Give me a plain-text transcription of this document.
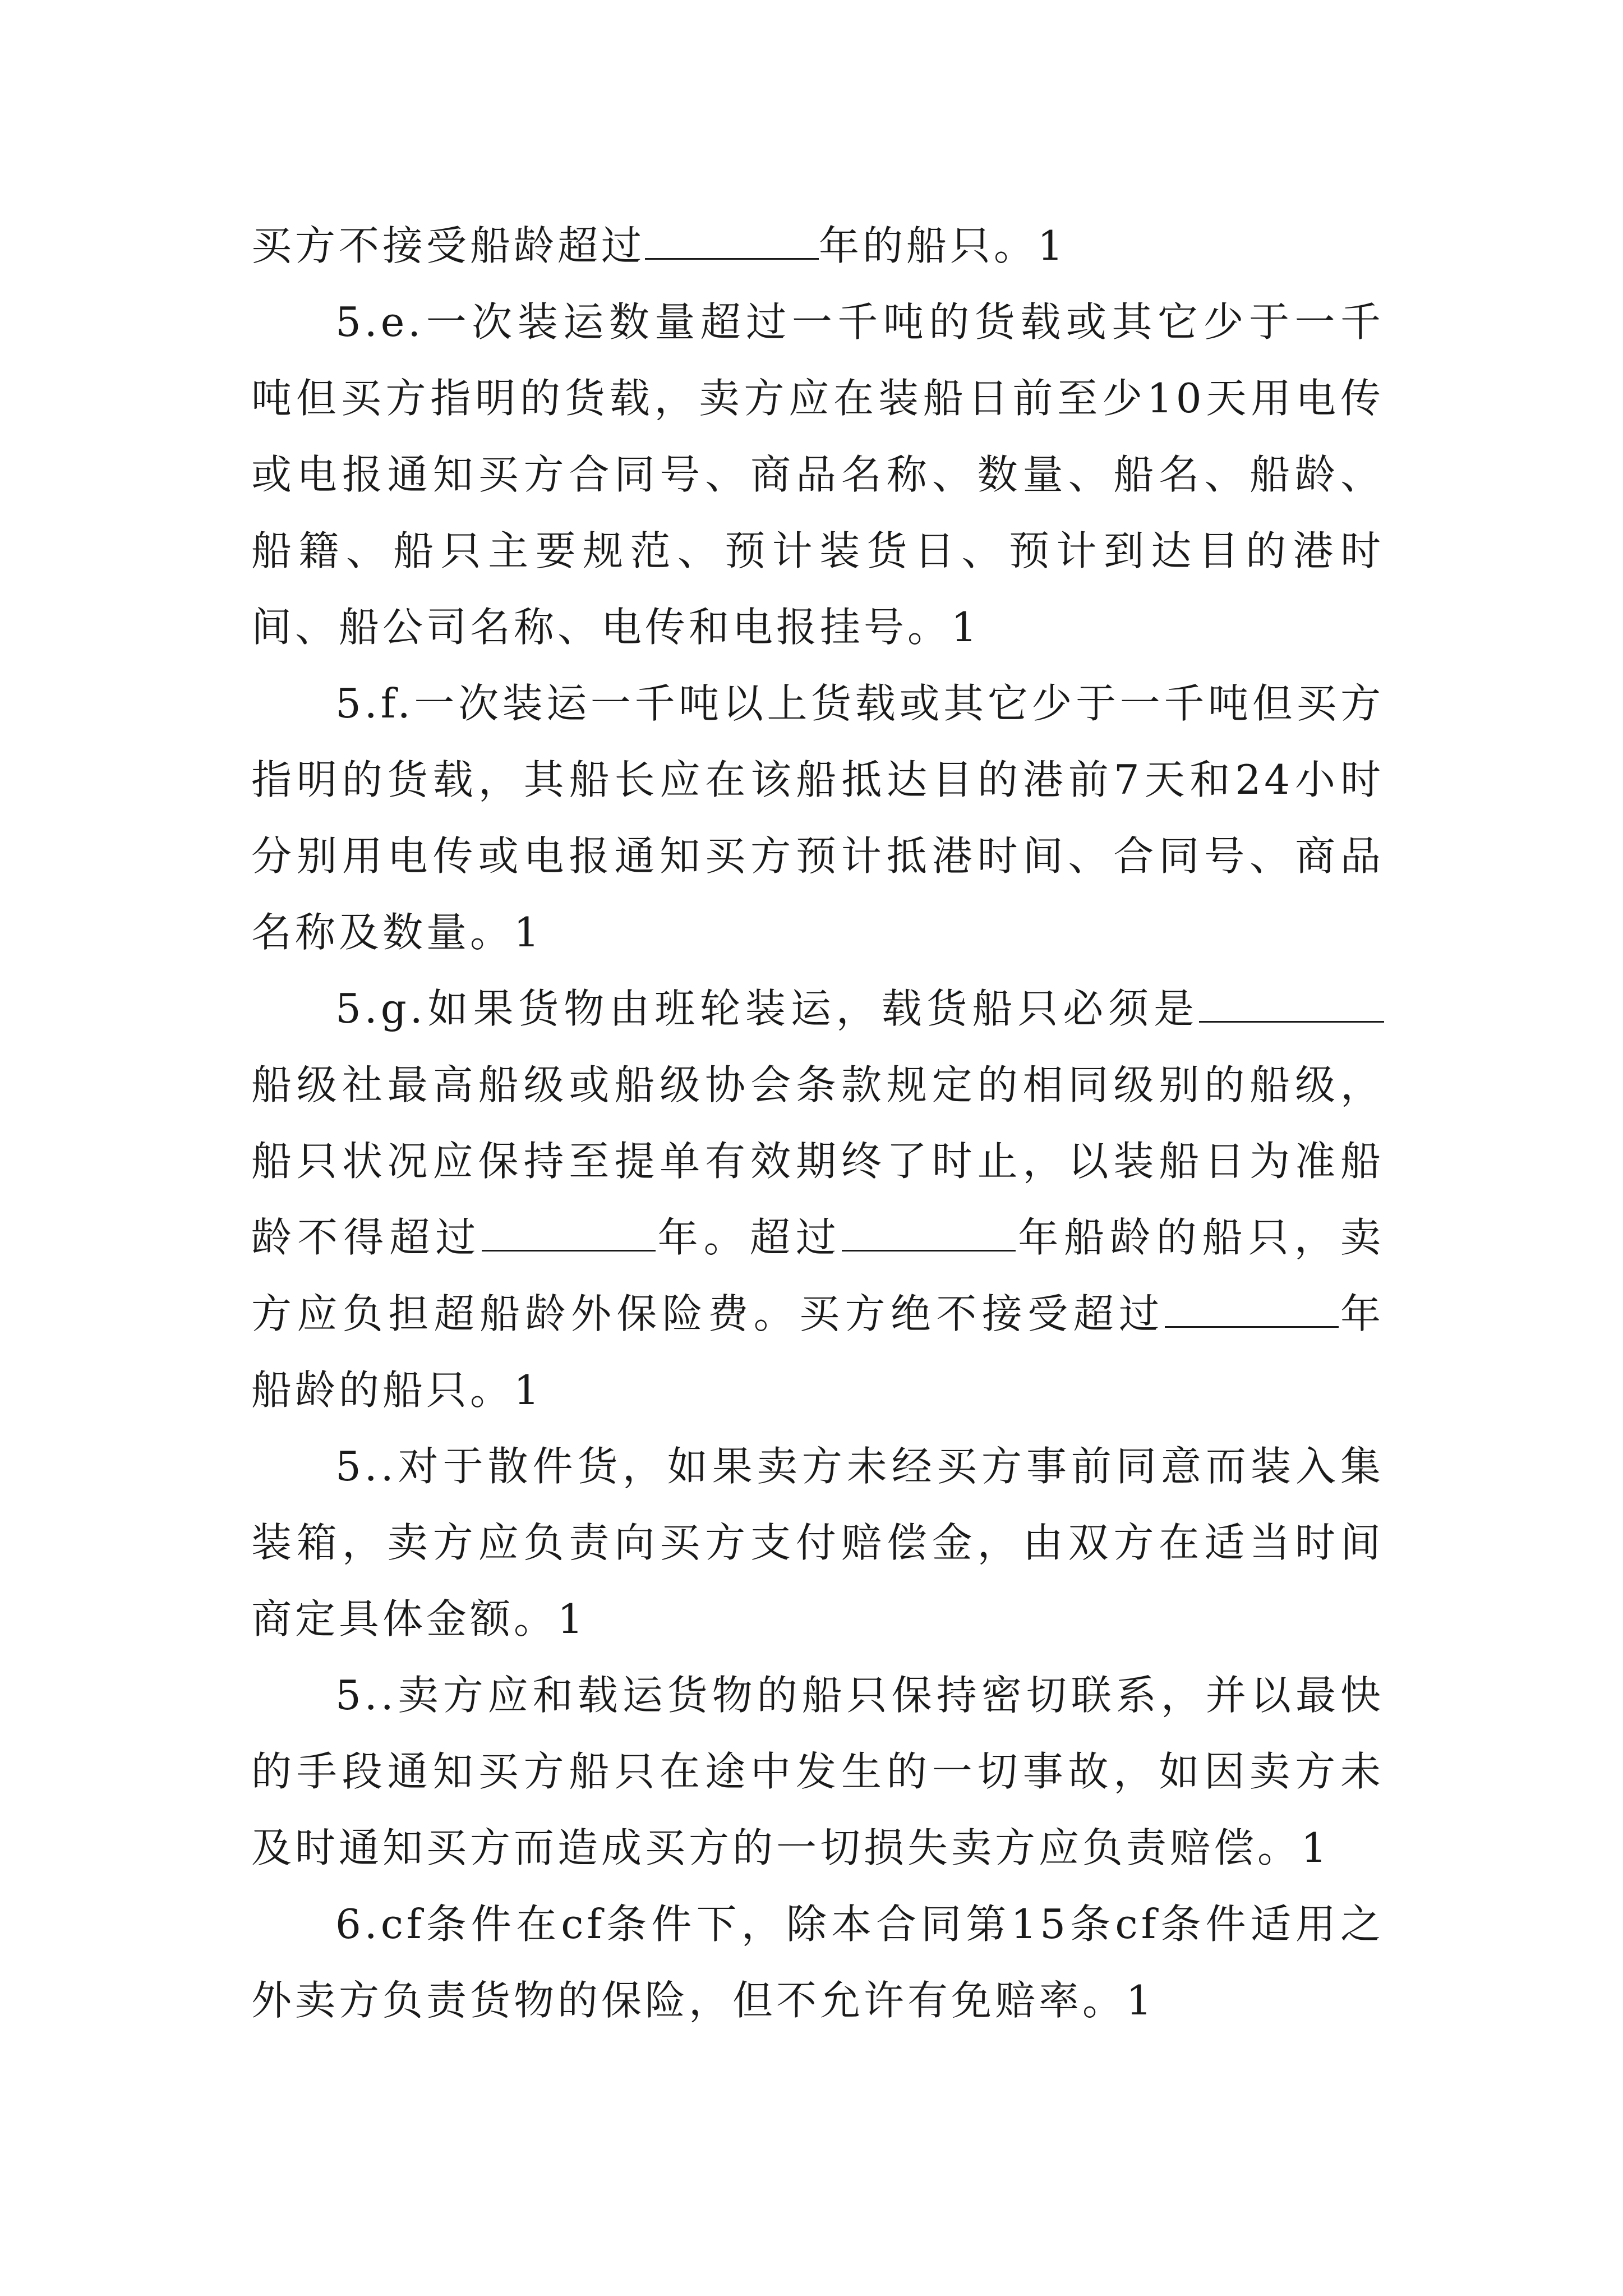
买方不接受船龄超过	年的船只。1

5.e.一次装运数量超过一千吨的货载或其它少于一千吨但买方指明的货载，卖方应在装船日前至少10天用电传或电报通知买方合同号、商品名称、数量、船名、船龄、船籍、船只主要规范、预计装货日、预计到达目的港时间、船公司名称、电传和电报挂号。1

5.f.一次装运一千吨以上货载或其它少于一千吨但买方指明的货载，其船长应在该船抵达目的港前7天和24小时分别用电传或电报通知买方预计抵港时间、合同号、商品名称及数量。1

5.g.如果货物由班轮装运，载货船只必须是船级社最高船级或船级协会条款规定的相同级别的船级，船只状况应保持至提单有效期终了时止，以装船日为准船龄不得超过	年。超过	年船龄的船只，卖方应负担超船龄外保险费。买方绝不接受超过	年船龄的船只。1

5..对于散件货，如果卖方未经买方事前同意而装入集装箱，卖方应负责向买方支付赔偿金，由双方在适当时间商定具体金额。1

5..卖方应和载运货物的船只保持密切联系，并以最快的手段通知买方船只在途中发生的一切事故，如因卖方未及时通知买方而造成买方的一切损失卖方应负责赔偿。1

6.cf条件在cf条件下，除本合同第15条cf条件适用之外卖方负责货物的保险，但不允许有免赔率。1
